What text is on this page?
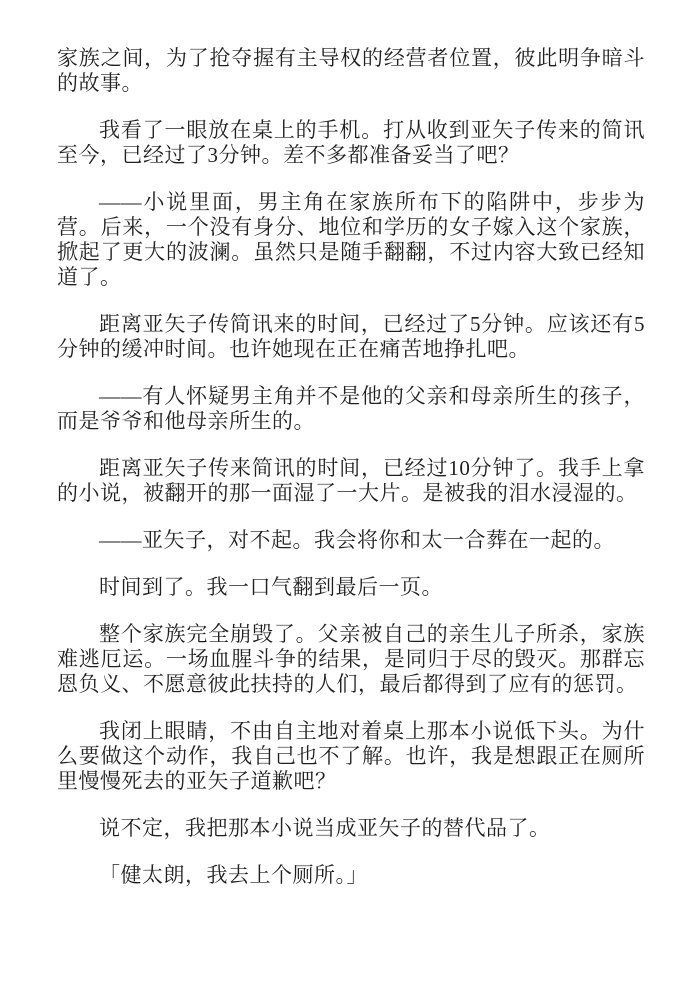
家族之间，为了抢夺握有主导权的经营者位置，彼此明争暗斗的故事。

我看了一眼放在桌上的手机。打从收到亚矢子传来的简讯至今，已经过了3分钟。差不多都准备妥当了吧？

——小说里面，男主角在家族所布下的陷阱中，步步为营。后来，一个没有身分、地位和学历的女子嫁入这个家族，掀起了更大的波澜。虽然只是随手翻翻，不过内容大致已经知道了。

距离亚矢子传简讯来的时间，已经过了5分钟。应该还有5分钟的缓冲时间。也许她现在正在痛苦地挣扎吧。

——有人怀疑男主角并不是他的父亲和母亲所生的孩子，而是爷爷和他母亲所生的。

距离亚矢子传来简讯的时间，已经过10分钟了。我手上拿的小说，被翻开的那一面湿了一大片。是被我的泪水浸湿的。

——亚矢子，对不起。我会将你和太一合葬在一起的。

时间到了。我一口气翻到最后一页。

整个家族完全崩毁了。父亲被自己的亲生儿子所杀，家族难逃厄运。一场血腥斗争的结果，是同归于尽的毁灭。那群忘恩负义、不愿意彼此扶持的人们，最后都得到了应有的惩罚。

我闭上眼睛，不由自主地对着桌上那本小说低下头。为什么要做这个动作，我自己也不了解。也许，我是想跟正在厕所里慢慢死去的亚矢子道歉吧？

说不定，我把那本小说当成亚矢子的替代品了。

「健太朗，我去上个厕所。」
